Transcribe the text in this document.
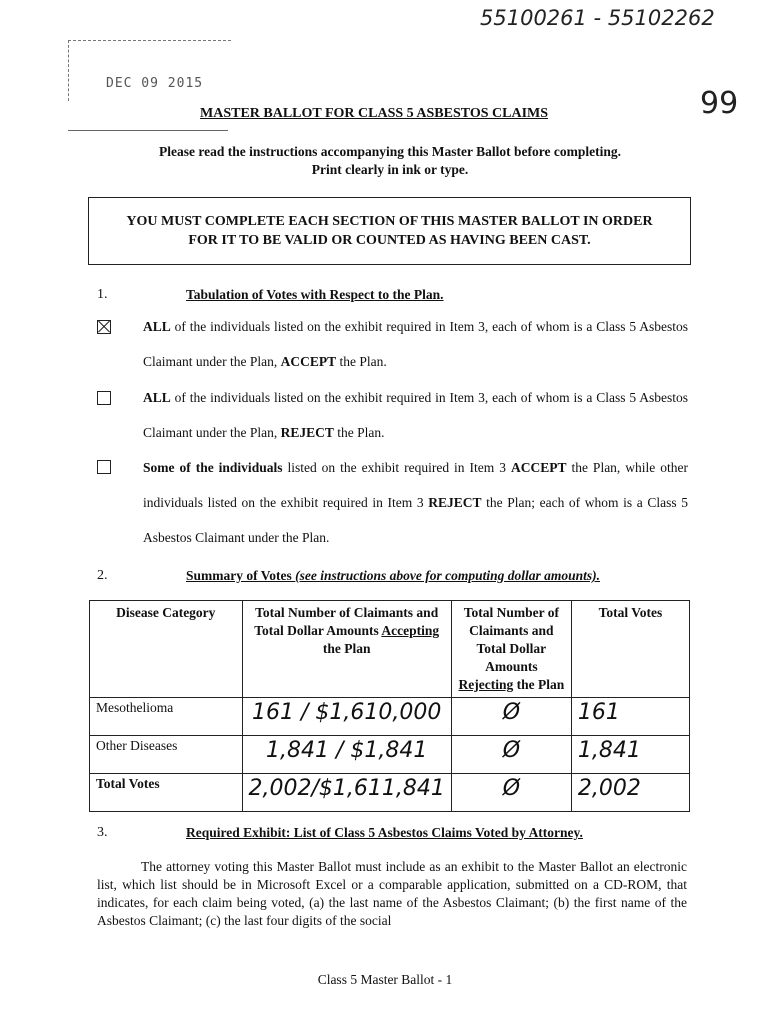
55100261 - 55102262
99
DEC 09 2015
MASTER BALLOT FOR CLASS 5 ASBESTOS CLAIMS
Please read the instructions accompanying this Master Ballot before completing.
Print clearly in ink or type.
YOU MUST COMPLETE EACH SECTION OF THIS MASTER BALLOT IN ORDER
FOR IT TO BE VALID OR COUNTED AS HAVING BEEN CAST.
1.	Tabulation of Votes with Respect to the Plan.
ALL of the individuals listed on the exhibit required in Item 3, each of whom is a Class 5 Asbestos Claimant under the Plan, ACCEPT the Plan.
ALL of the individuals listed on the exhibit required in Item 3, each of whom is a Class 5 Asbestos Claimant under the Plan, REJECT the Plan.
Some of the individuals listed on the exhibit required in Item 3 ACCEPT the Plan, while other individuals listed on the exhibit required in Item 3 REJECT the Plan; each of whom is a Class 5 Asbestos Claimant under the Plan.
2.	Summary of Votes (see instructions above for computing dollar amounts).
Disease Category	Total Number of Claimants and Total Dollar Amounts Accepting the Plan	Total Number of Claimants and Total Dollar Amounts Rejecting the Plan	Total Votes
Mesothelioma	161 / $1,610,000	Ø	161
Other Diseases	1,841 / $1,841	Ø	1,841
Total Votes	2,002/$1,611,841	Ø	2,002
3.	Required Exhibit: List of Class 5 Asbestos Claims Voted by Attorney.
The attorney voting this Master Ballot must include as an exhibit to the Master Ballot an electronic list, which list should be in Microsoft Excel or a comparable application, submitted on a CD-ROM, that indicates, for each claim being voted, (a) the last name of the Asbestos Claimant; (b) the first name of the Asbestos Claimant; (c) the last four digits of the social
Class 5 Master Ballot - 1
